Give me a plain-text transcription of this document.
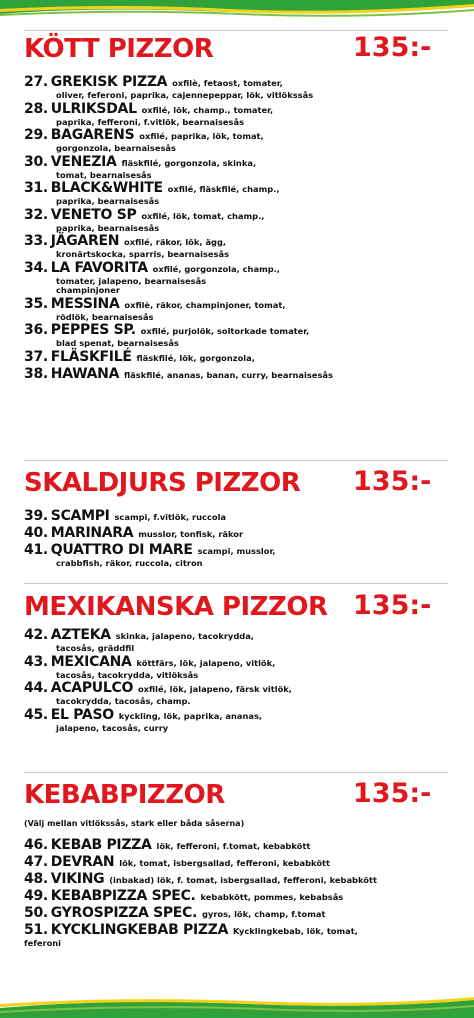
KÖTT PIZZOR	135:-
27. GREKISK PIZZA oxfilè, fetaost, tomater,
oliver, feferoni, paprika, cajennepeppar, lök, vitlökssås
28. ULRIKSDAL oxfilé, lök, champ., tomater,
paprika, fefferoni, f.vitlök, bearnaisesås
29. BAGARENS oxfilé, paprika, lök, tomat,
gorgonzola, bearnaisesås
30. VENEZIA fläskfilé, gorgonzola, skinka,
tomat, bearnaisesås
31. BLACK&WHITE oxfilé, fläskfilé, champ.,
paprika, bearnaisesås
32. VENETO SP oxfilé, lök, tomat, champ.,
paprika, bearnaisesås
33. JÄGAREN oxfilé, räkor, lök, ägg,
kronärtskocka, sparris, bearnaisesås
34. LA FAVORITA oxfilé, gorgonzola, champ.,
tomater, jalapeno, bearnaisesås
champinjoner
35. MESSINA oxfilè, räkor, champinjoner, tomat,
rödlök, bearnaisesås
36. PEPPES SP. oxfilé, purjolök, soltorkade tomater,
blad spenat, bearnaisesås
37. FLÄSKFILÉ fläskfilé, lök, gorgonzola,
38. HAWANA fläskfilé, ananas, banan, curry, bearnaisesås
SKALDJURS PIZZOR 135:-
39. SCAMPI scampi, f.vitlök, ruccola
40. MARINARA musslor, tonfisk, räkor
41. QUATTRO DI MARE scampi, musslor,
crabbfish, räkor, ruccola, citron
MEXIKANSKA PIZZOR 135:-
42. AZTEKA skinka, jalapeno, tacokrydda,
tacosås, gräddfil
43. MEXICANA köttfärs, lök, jalapeno, vitlök,
tacosås, tacokrydda, vitlöksås
44. ACAPULCO oxfilé, lök, jalapeno, färsk vitlök,
tacokrydda, tacosås, champ.
45. EL PASO kyckling, lök, paprika, ananas,
jalapeno, tacosås, curry
KEBABPIZZOR	135:-
(Välj mellan vitlökssås, stark eller båda såserna)
46. KEBAB PIZZA lök, fefferoni, f.tomat, kebabkött
47. DEVRAN lök, tomat, isbergsallad, fefferoni, kebabkött
48. VIKING (inbakad) lök, f. tomat, isbergsallad, fefferoni, kebabkött
49. KEBABPIZZA SPEC. kebabkött, pommes, kebabsås
50. GYROSPIZZA SPEC. gyros, lök, champ, f.tomat
51. KYCKLINGKEBAB PIZZA Kycklingkebab, lök, tomat,
feferoni
